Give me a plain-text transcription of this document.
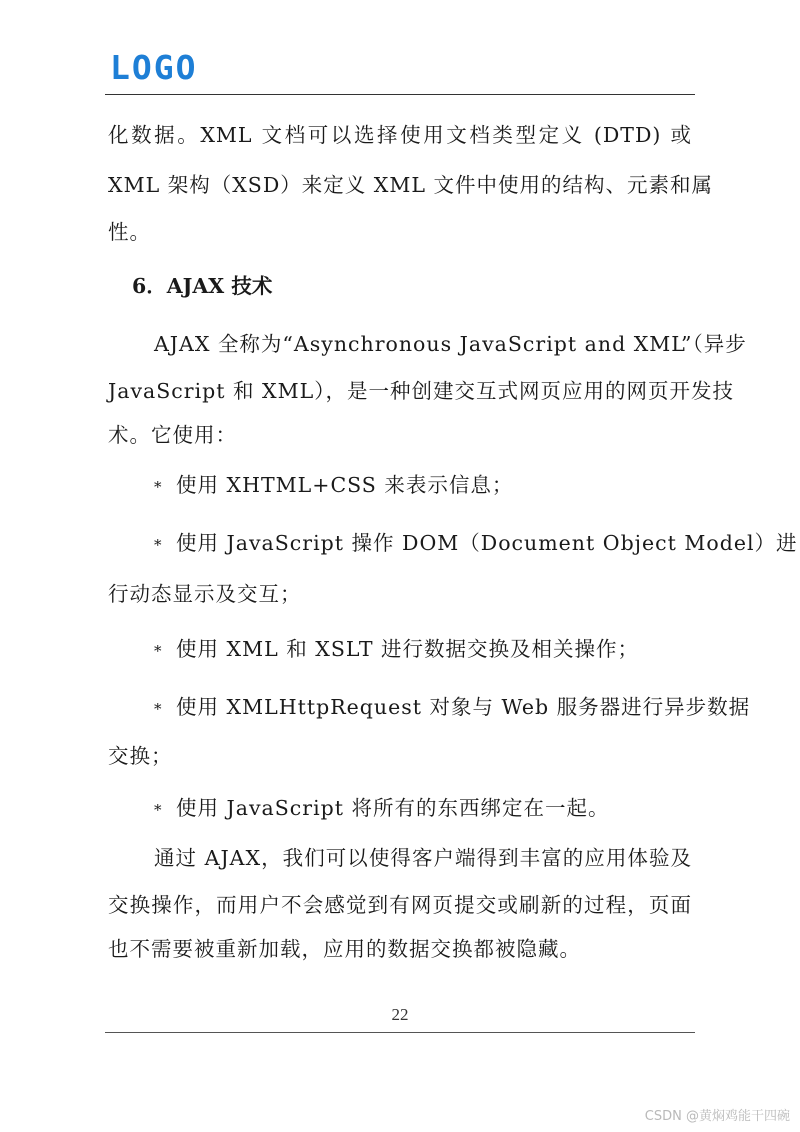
LOGO
化数据。XML 文档可以选择使用文档类型定义 (DTD) 或
XML 架构（XSD）来定义 XML 文件中使用的结构、元素和属
性。
6．AJAX 技术
AJAX 全称为“Asynchronous JavaScript and XML”（异步
JavaScript 和 XML），是一种创建交互式网页应用的网页开发技
术。它使用：
* 使用 XHTML+CSS 来表示信息；
* 使用 JavaScript 操作 DOM（Document Object Model）进
行动态显示及交互；
* 使用 XML 和 XSLT 进行数据交换及相关操作；
* 使用 XMLHttpRequest 对象与 Web 服务器进行异步数据
交换；
* 使用 JavaScript 将所有的东西绑定在一起。
通过 AJAX，我们可以使得客户端得到丰富的应用体验及
交换操作，而用户不会感觉到有网页提交或刷新的过程，页面
也不需要被重新加载，应用的数据交换都被隐藏。
22
CSDN @黄焖鸡能干四碗
